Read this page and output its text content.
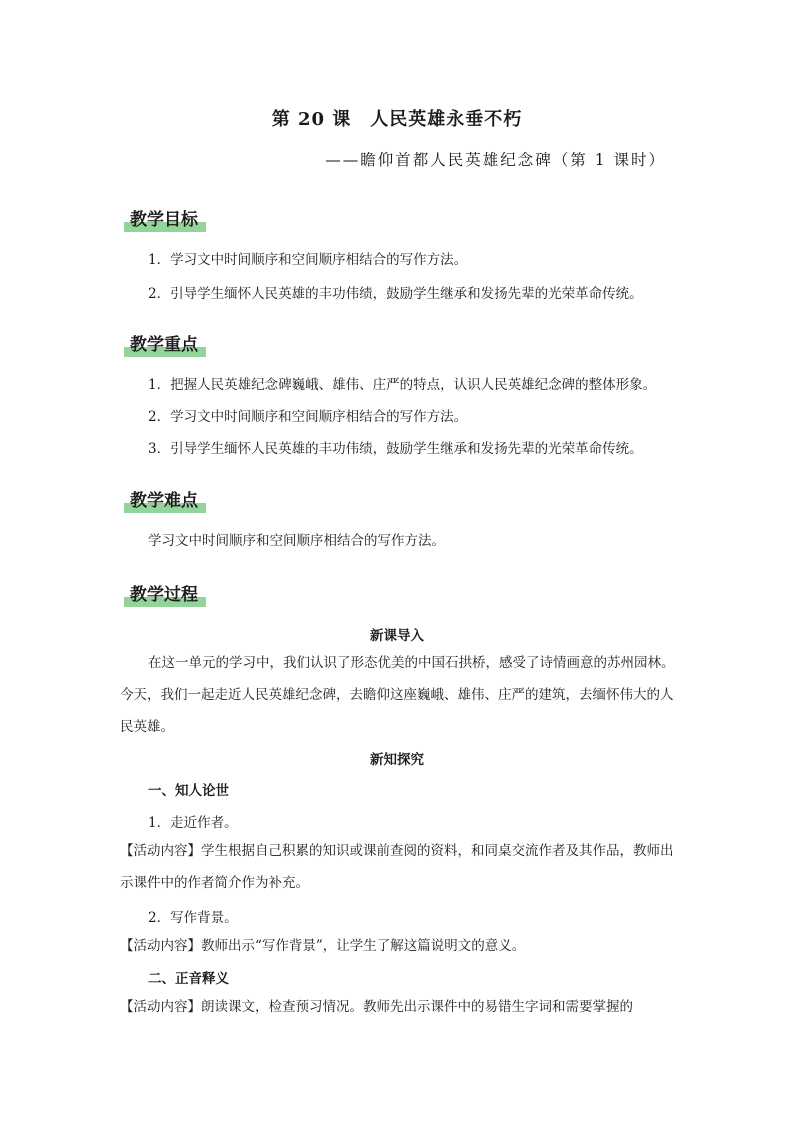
第 20 课　人民英雄永垂不朽
——瞻仰首都人民英雄纪念碑（第 1 课时）
教学目标
1．学习文中时间顺序和空间顺序相结合的写作方法。
2．引导学生缅怀人民英雄的丰功伟绩，鼓励学生继承和发扬先辈的光荣革命传统。
教学重点
1．把握人民英雄纪念碑巍峨、雄伟、庄严的特点，认识人民英雄纪念碑的整体形象。
2．学习文中时间顺序和空间顺序相结合的写作方法。
3．引导学生缅怀人民英雄的丰功伟绩，鼓励学生继承和发扬先辈的光荣革命传统。
教学难点
学习文中时间顺序和空间顺序相结合的写作方法。
教学过程
新课导入
在这一单元的学习中，我们认识了形态优美的中国石拱桥，感受了诗情画意的苏州园林。今天，我们一起走近人民英雄纪念碑，去瞻仰这座巍峨、雄伟、庄严的建筑，去缅怀伟大的人民英雄。
新知探究
一、知人论世
1．走近作者。
【活动内容】学生根据自己积累的知识或课前查阅的资料，和同桌交流作者及其作品，教师出示课件中的作者简介作为补充。
2．写作背景。
【活动内容】教师出示“写作背景”，让学生了解这篇说明文的意义。
二、正音释义
【活动内容】朗读课文，检查预习情况。教师先出示课件中的易错生字词和需要掌握的
